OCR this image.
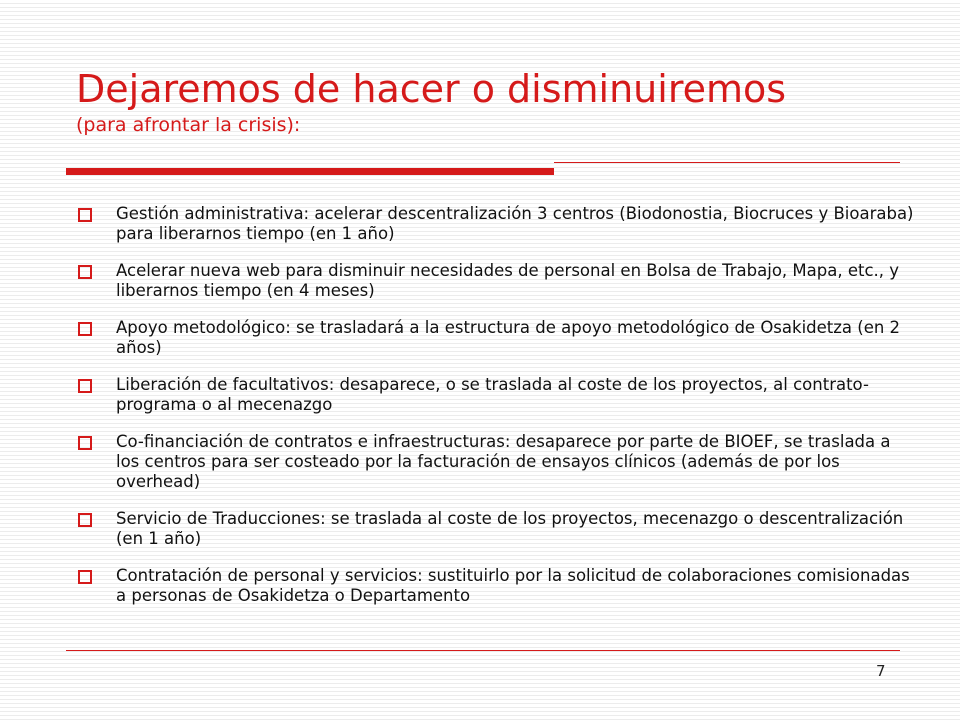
Dejaremos de hacer o disminuiremos
(para afrontar la crisis):
Gestión administrativa: acelerar descentralización 3 centros (Biodonostia, Biocruces y Bioaraba) para liberarnos tiempo (en 1 año)
Acelerar nueva web para disminuir necesidades de personal en Bolsa de Trabajo, Mapa, etc., y liberarnos tiempo (en 4 meses)
Apoyo metodológico: se trasladará a la estructura de apoyo metodológico de Osakidetza (en 2 años)
Liberación de facultativos: desaparece, o se traslada al coste de los proyectos, al contrato-programa o al mecenazgo
Co-financiación de contratos e infraestructuras: desaparece por parte de BIOEF, se traslada a los centros para ser costeado por la facturación de ensayos clínicos (además de por los overhead)
Servicio de Traducciones: se traslada al coste de los proyectos, mecenazgo o descentralización (en 1 año)
Contratación de personal y servicios: sustituirlo por la solicitud de colaboraciones comisionadas a personas de Osakidetza o Departamento
7
